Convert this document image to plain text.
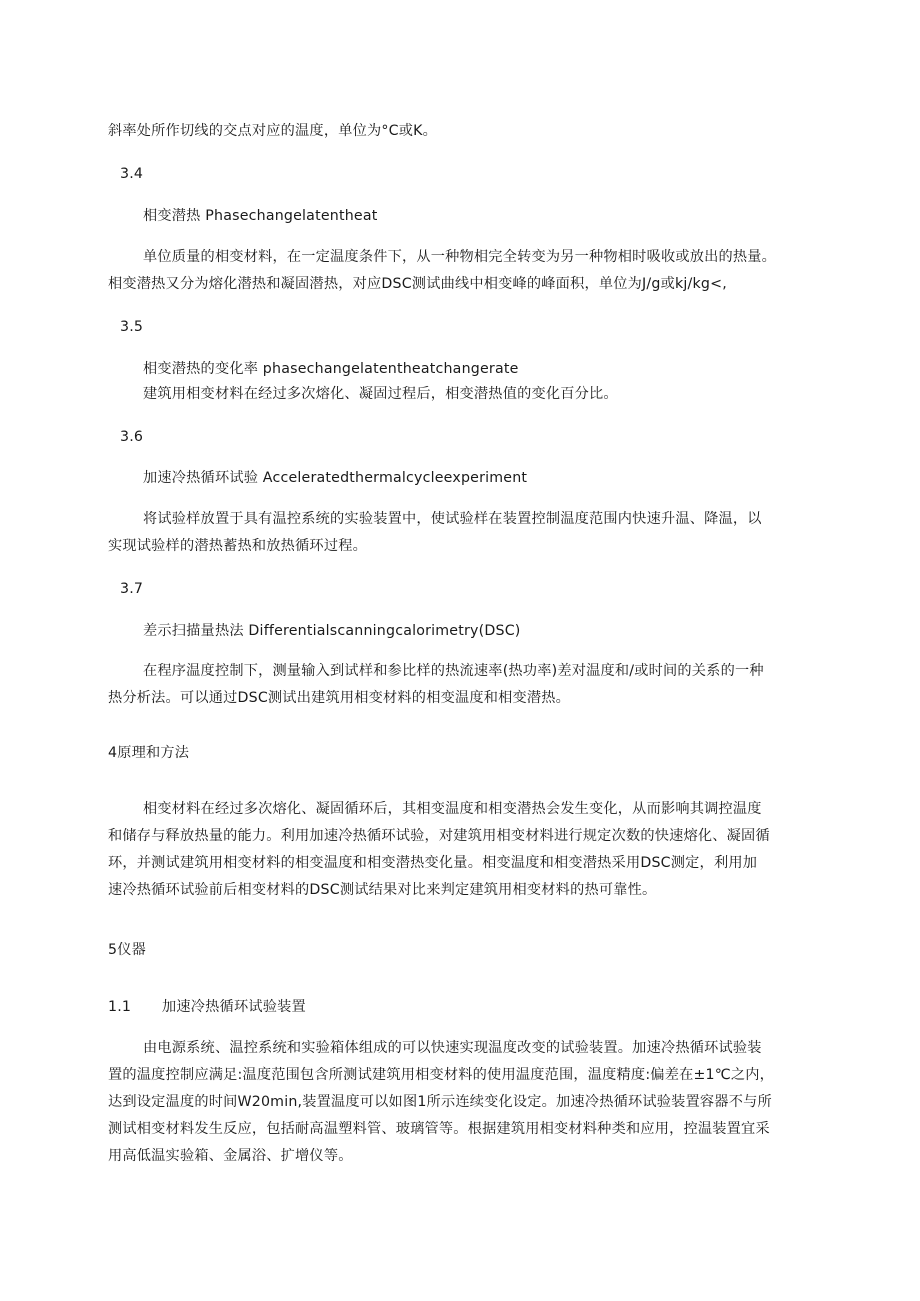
斜率处所作切线的交点对应的温度，单位为°C或K。
3.4
相变潜热 Phasechangelatentheat
单位质量的相变材料，在一定温度条件下，从一种物相完全转变为另一种物相时吸收或放出的热量。
相变潜热又分为熔化潜热和凝固潜热，对应DSC测试曲线中相变峰的峰面积，单位为J/g或kj/kg<,
3.5
相变潜热的变化率 phasechangelatentheatchangerate
建筑用相变材料在经过多次熔化、凝固过程后，相变潜热值的变化百分比。
3.6
加速冷热循环试验 Acceleratedthermalcycleexperiment
将试验样放置于具有温控系统的实验装置中，使试验样在装置控制温度范围内快速升温、降温，以
实现试验样的潜热蓄热和放热循环过程。
3.7
差示扫描量热法 Differentialscanningcalorimetry(DSC)
在程序温度控制下，测量输入到试样和参比样的热流速率(热功率)差对温度和/或时间的关系的一种
热分析法。可以通过DSC测试出建筑用相变材料的相变温度和相变潜热。
4原理和方法
相变材料在经过多次熔化、凝固循环后，其相变温度和相变潜热会发生变化，从而影响其调控温度
和储存与释放热量的能力。利用加速冷热循环试验，对建筑用相变材料进行规定次数的快速熔化、凝固循
环，并测试建筑用相变材料的相变温度和相变潜热变化量。相变温度和相变潜热采用DSC测定，利用加
速冷热循环试验前后相变材料的DSC测试结果对比来判定建筑用相变材料的热可靠性。
5仪器
1.1 加速冷热循环试验装置
由电源系统、温控系统和实验箱体组成的可以快速实现温度改变的试验装置。加速冷热循环试验装
置的温度控制应满足:温度范围包含所测试建筑用相变材料的使用温度范围，温度精度:偏差在±1℃之内，
达到设定温度的时间W20min,装置温度可以如图1所示连续变化设定。加速冷热循环试验装置容器不与所
测试相变材料发生反应，包括耐高温塑料管、玻璃管等。根据建筑用相变材料种类和应用，控温装置宜采
用高低温实验箱、金属浴、扩增仪等。
